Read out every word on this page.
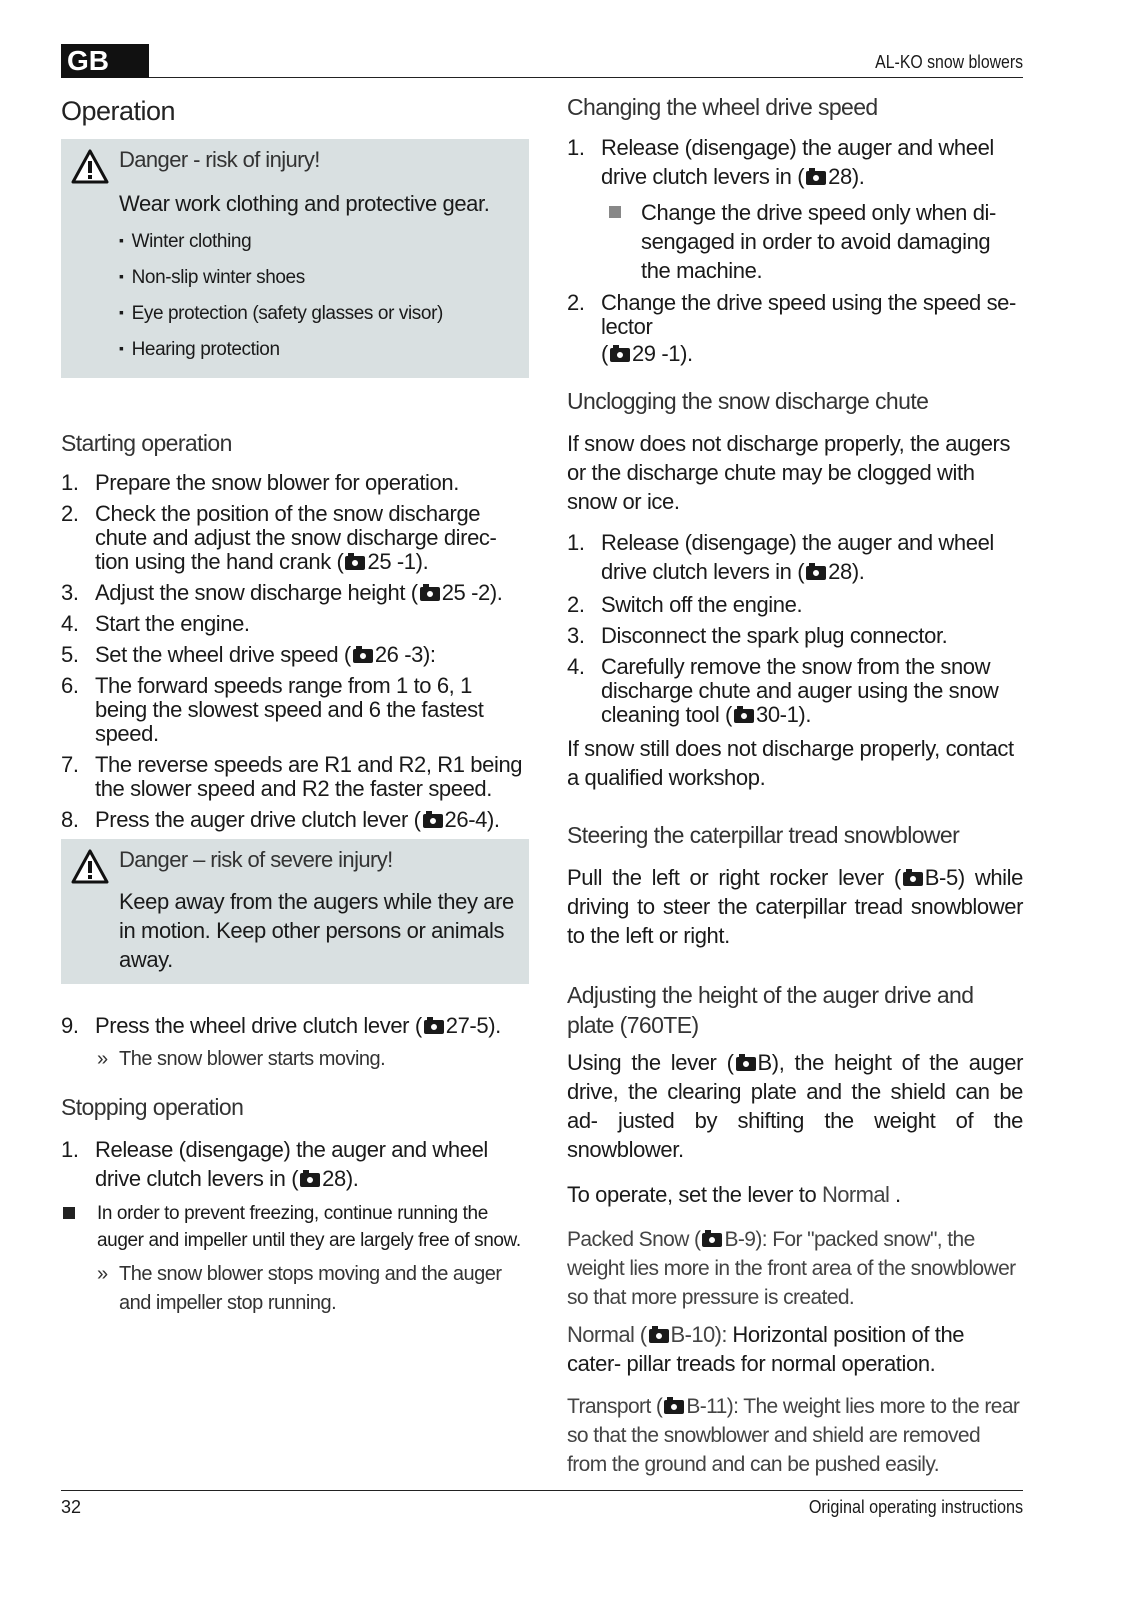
GB	AL-KO snow blowers
Operation
Danger - risk of injury!
Wear work clothing and protective gear.
▪ Winter clothing
▪ Non-slip winter shoes
▪ Eye protection (safety glasses or visor)
▪ Hearing protection
Starting operation
1. Prepare the snow blower for operation.
2. Check the position of the snow discharge chute and adjust the snow discharge direc- tion using the hand crank ( 25 -1).
3. Adjust the snow discharge height ( 25 -2).
4. Start the engine.
5. Set the wheel drive speed ( 26 -3):
6. The forward speeds range from 1 to 6, 1 being the slowest speed and 6 the fastest speed.
7. The reverse speeds are R1 and R2, R1 being the slower speed and R2 the faster speed.
8. Press the auger drive clutch lever ( 26-4).
Danger – risk of severe injury!
Keep away from the augers while they are in motion. Keep other persons or animals away.
9. Press the wheel drive clutch lever ( 27-5).
» The snow blower starts moving.
Stopping operation
1. Release (disengage) the auger and wheel drive clutch levers in ( 28).
In order to prevent freezing, continue running the auger and impeller until they are largely free of snow.
» The snow blower stops moving and the auger and impeller stop running.
Changing the wheel drive speed
1. Release (disengage) the auger and wheel drive clutch levers in ( 28).
Change the drive speed only when di- sengaged in order to avoid damaging the machine.
2. Change the drive speed using the speed se- lector
( 29 -1).
Unclogging the snow discharge chute
If snow does not discharge properly, the augers or the discharge chute may be clogged with snow or ice.
1. Release (disengage) the auger and wheel drive clutch levers in ( 28).
2. Switch off the engine.
3. Disconnect the spark plug connector.
4. Carefully remove the snow from the snow discharge chute and auger using the snow cleaning tool ( 30-1).
If snow still does not discharge properly, contact a qualified workshop.
Steering the caterpillar tread snowblower
Pull the left or right rocker lever ( B-5) while driving to steer the caterpillar tread snowblower to the left or right.
Adjusting the height of the auger drive and plate (760TE)
Using the lever ( B), the height of the auger drive, the clearing plate and the shield can be ad- justed by shifting the weight of the snowblower.
To operate, set the lever to Normal .
Packed Snow ( B-9): For "packed snow", the weight lies more in the front area of the snowblower so that more pressure is created.
Normal ( B-10): Horizontal position of the cater- pillar treads for normal operation.
Transport ( B-11): The weight lies more to the rear so that the snowblower and shield are removed from the ground and can be pushed easily.
32	Original operating instructions
